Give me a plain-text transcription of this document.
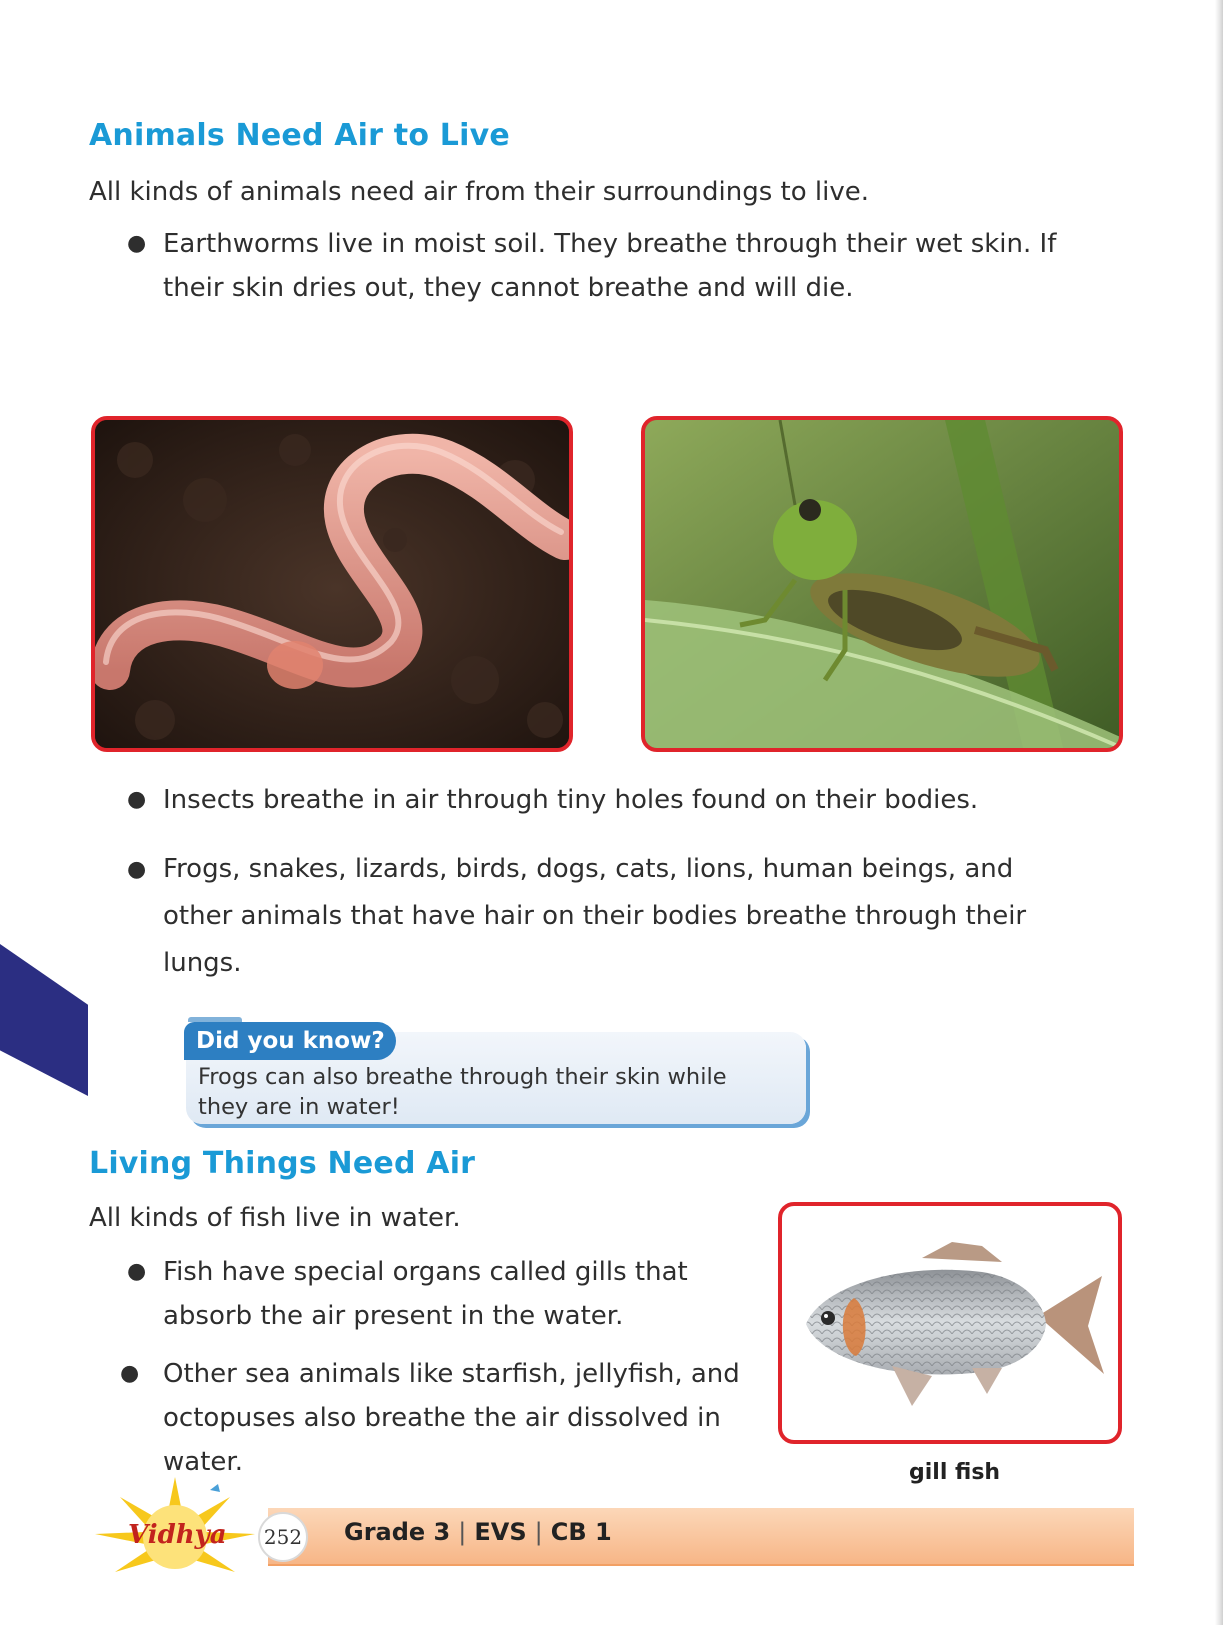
Animals Need Air to Live

All kinds of animals need air from their surroundings to live.

● Earthworms live in moist soil. They breathe through their wet skin. If
their skin dries out, they cannot breathe and will die.
● Insects breathe in air through tiny holes found on their bodies.
● Frogs, snakes, lizards, birds, dogs, cats, lions, human beings, and
other animals that have hair on their bodies breathe through their
lungs.
Did you know?
Frogs can also breathe through their skin while
they are in water!
Living Things Need Air

All kinds of fish live in water.

● Fish have special organs called gills that
absorb the air present in the water.
● Other sea animals like starfish, jellyfish, and
octopuses also breathe the air dissolved in
water.	gill fish
Vidhya 252 Grade 3 | EVS | CB 1
